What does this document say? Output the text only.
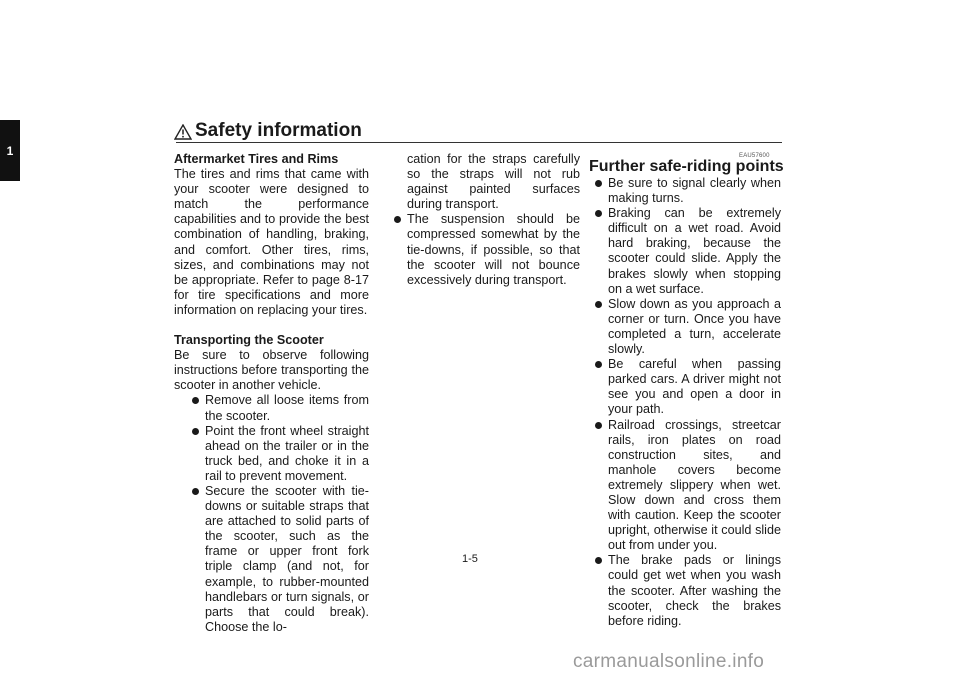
1
Safety information

Aftermarket Tires and Rims

The tires and rims that came with your scooter were designed to match the performance capabilities and to provide the best combination of handling, braking, and comfort. Other tires, rims, sizes, and combinations may not be appropriate. Refer to page 8-17 for tire specifications and more information on replacing your tires.

Transporting the Scooter

Be sure to observe following instructions before transporting the scooter in another vehicle.

Remove all loose items from the scooter.

Point the front wheel straight ahead on the trailer or in the truck bed, and choke it in a rail to prevent movement.

Secure the scooter with tie-downs or suitable straps that are attached to solid parts of the scooter, such as the frame or upper front fork triple clamp (and not, for example, to rubber-mounted handlebars or turn signals, or parts that could break). Choose the lo-

cation for the straps carefully so the straps will not rub against painted surfaces during transport.

The suspension should be compressed somewhat by the tie-downs, if possible, so that the scooter will not bounce excessively during transport.

EAU57600
Further safe-riding points

Be sure to signal clearly when making turns.

Braking can be extremely difficult on a wet road. Avoid hard braking, because the scooter could slide. Apply the brakes slowly when stopping on a wet surface.

Slow down as you approach a corner or turn. Once you have completed a turn, accelerate slowly.

Be careful when passing parked cars. A driver might not see you and open a door in your path.

Railroad crossings, streetcar rails, iron plates on road construction sites, and manhole covers become extremely slippery when wet. Slow down and cross them with caution. Keep the scooter upright, otherwise it could slide out from under you.

The brake pads or linings could get wet when you wash the scooter. After washing the scooter, check the brakes before riding.

1-5
carmanualsonline.info
